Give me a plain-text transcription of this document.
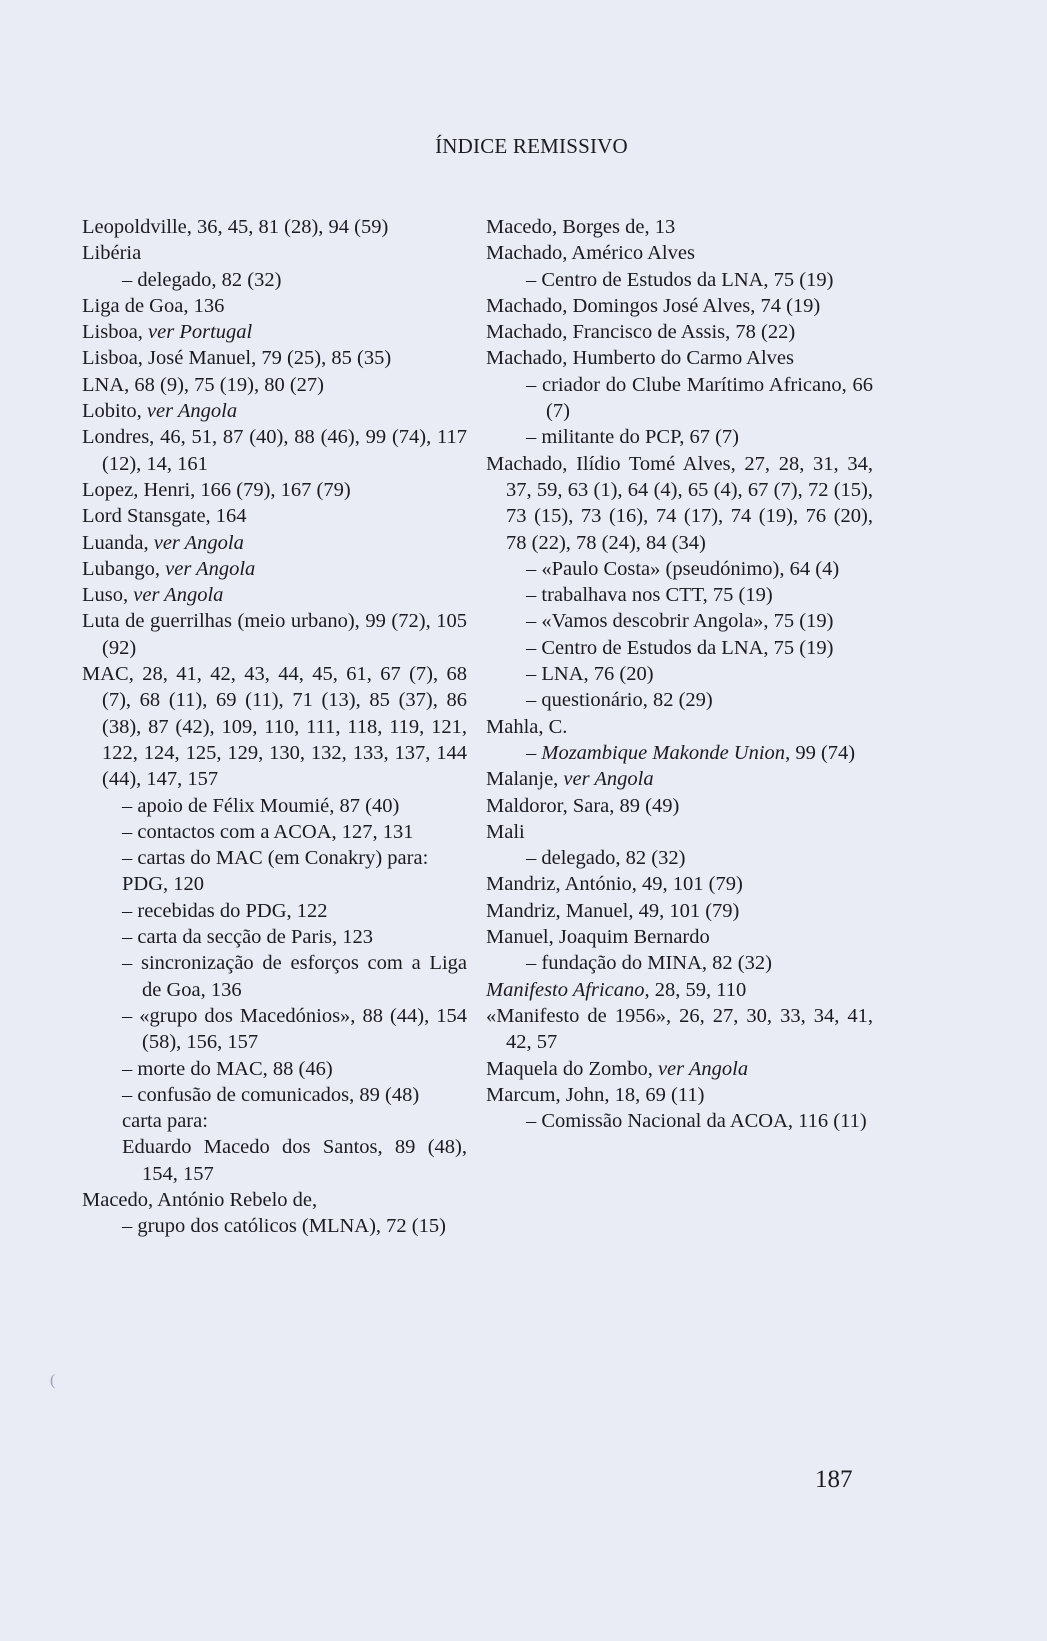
ÍNDICE REMISSIVO

Leopoldville, 36, 45, 81 (28), 94 (59)

Libéria

– delegado, 82 (32)

Liga de Goa, 136

Lisboa, ver Portugal

Lisboa, José Manuel, 79 (25), 85 (35)

LNA, 68 (9), 75 (19), 80 (27)

Lobito, ver Angola

Londres, 46, 51, 87 (40), 88 (46), 99 (74), 117 (12), 14, 161

Lopez, Henri, 166 (79), 167 (79)

Lord Stansgate, 164

Luanda, ver Angola

Lubango, ver Angola

Luso, ver Angola

Luta de guerrilhas (meio urbano), 99 (72), 105 (92)

MAC, 28, 41, 42, 43, 44, 45, 61, 67 (7), 68 (7), 68 (11), 69 (11), 71 (13), 85 (37), 86 (38), 87 (42), 109, 110, 111, 118, 119, 121, 122, 124, 125, 129, 130, 132, 133, 137, 144 (44), 147, 157

– apoio de Félix Moumié, 87 (40)

– contactos com a ACOA, 127, 131

– cartas do MAC (em Conakry) para:

PDG, 120

– recebidas do PDG, 122

– carta da secção de Paris, 123

– sincronização de esforços com a Liga de Goa, 136

– «grupo dos Macedónios», 88 (44), 154 (58), 156, 157

– morte do MAC, 88 (46)

– confusão de comunicados, 89 (48)

carta para:

Eduardo Macedo dos Santos, 89 (48), 154, 157

Macedo, António Rebelo de,

– grupo dos católicos (MLNA), 72 (15)

Macedo, Borges de, 13

Machado, Américo Alves

– Centro de Estudos da LNA, 75 (19)

Machado, Domingos José Alves, 74 (19)

Machado, Francisco de Assis, 78 (22)

Machado, Humberto do Carmo Alves

– criador do Clube Marítimo Africano, 66 (7)

– militante do PCP, 67 (7)

Machado, Ilídio Tomé Alves, 27, 28, 31, 34, 37, 59, 63 (1), 64 (4), 65 (4), 67 (7), 72 (15), 73 (15), 73 (16), 74 (17), 74 (19), 76 (20), 78 (22), 78 (24), 84 (34)

– «Paulo Costa» (pseudónimo), 64 (4)

– trabalhava nos CTT, 75 (19)

– «Vamos descobrir Angola», 75 (19)

– Centro de Estudos da LNA, 75 (19)

– LNA, 76 (20)

– questionário, 82 (29)

Mahla, C.

– Mozambique Makonde Union, 99 (74)

Malanje, ver Angola

Maldoror, Sara, 89 (49)

Mali

– delegado, 82 (32)

Mandriz, António, 49, 101 (79)

Mandriz, Manuel, 49, 101 (79)

Manuel, Joaquim Bernardo

– fundação do MINA, 82 (32)

Manifesto Africano, 28, 59, 110

«Manifesto de 1956», 26, 27, 30, 33, 34, 41, 42, 57

Maquela do Zombo, ver Angola

Marcum, John, 18, 69 (11)

– Comissão Nacional da ACOA, 116 (11)

(
187
